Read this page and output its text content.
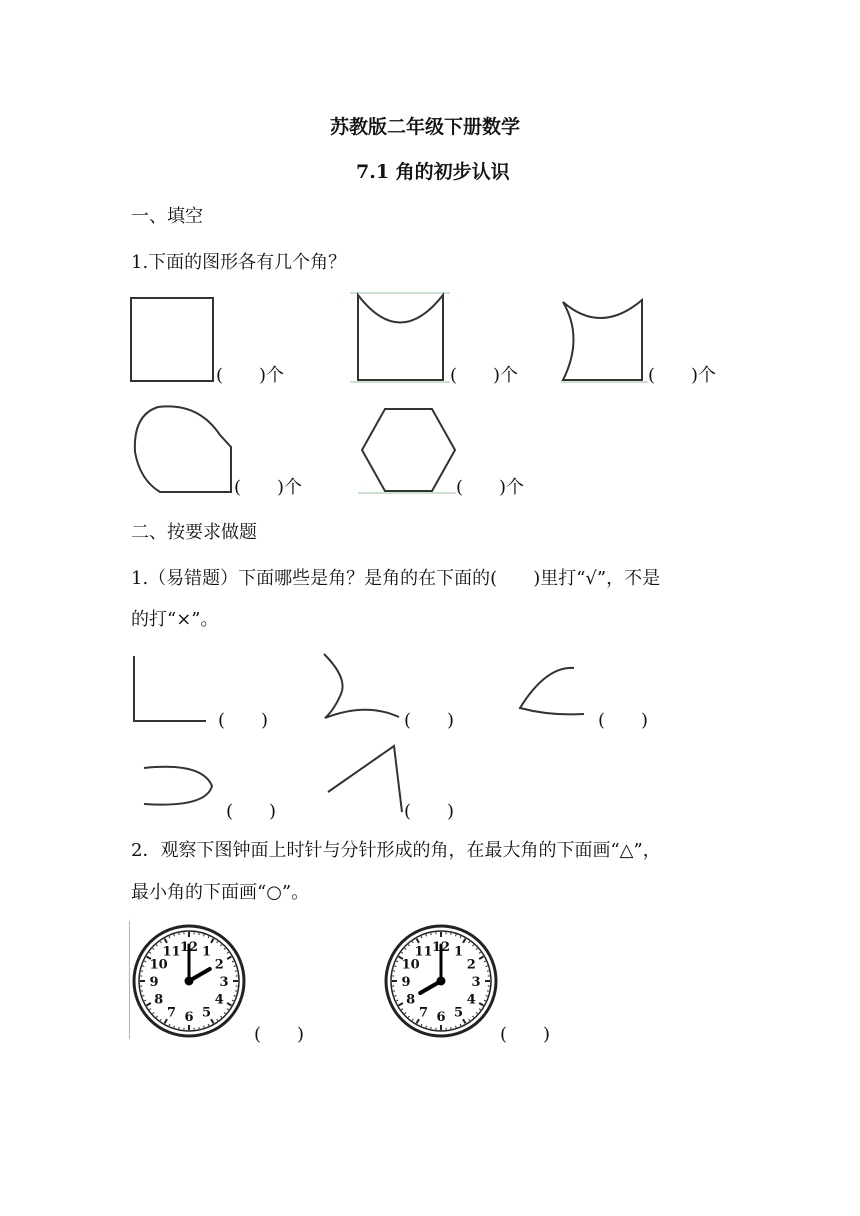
苏教版二年级下册数学
7.1 角的初步认识
一、填空
1.下面的图形各有几个角？
(　　)个	(　　)个	(　　)个
(　　)个	(　　)个
二、按要求做题
1.（易错题）下面哪些是角？是角的在下面的(　　)里打“√”，不是
的打“×”。
(　　)	(　　)	(　　)
(　　)	(　　)
2．观察下图钟面上时针与分针形成的角，在最大角的下面画“△”，
最小角的下面画“○”。
12 1
2
3
4
5
6
7
8
9
10
11
(　　)
12 1
2
3
4
5
6
7
8
9
10
11
(　　)
